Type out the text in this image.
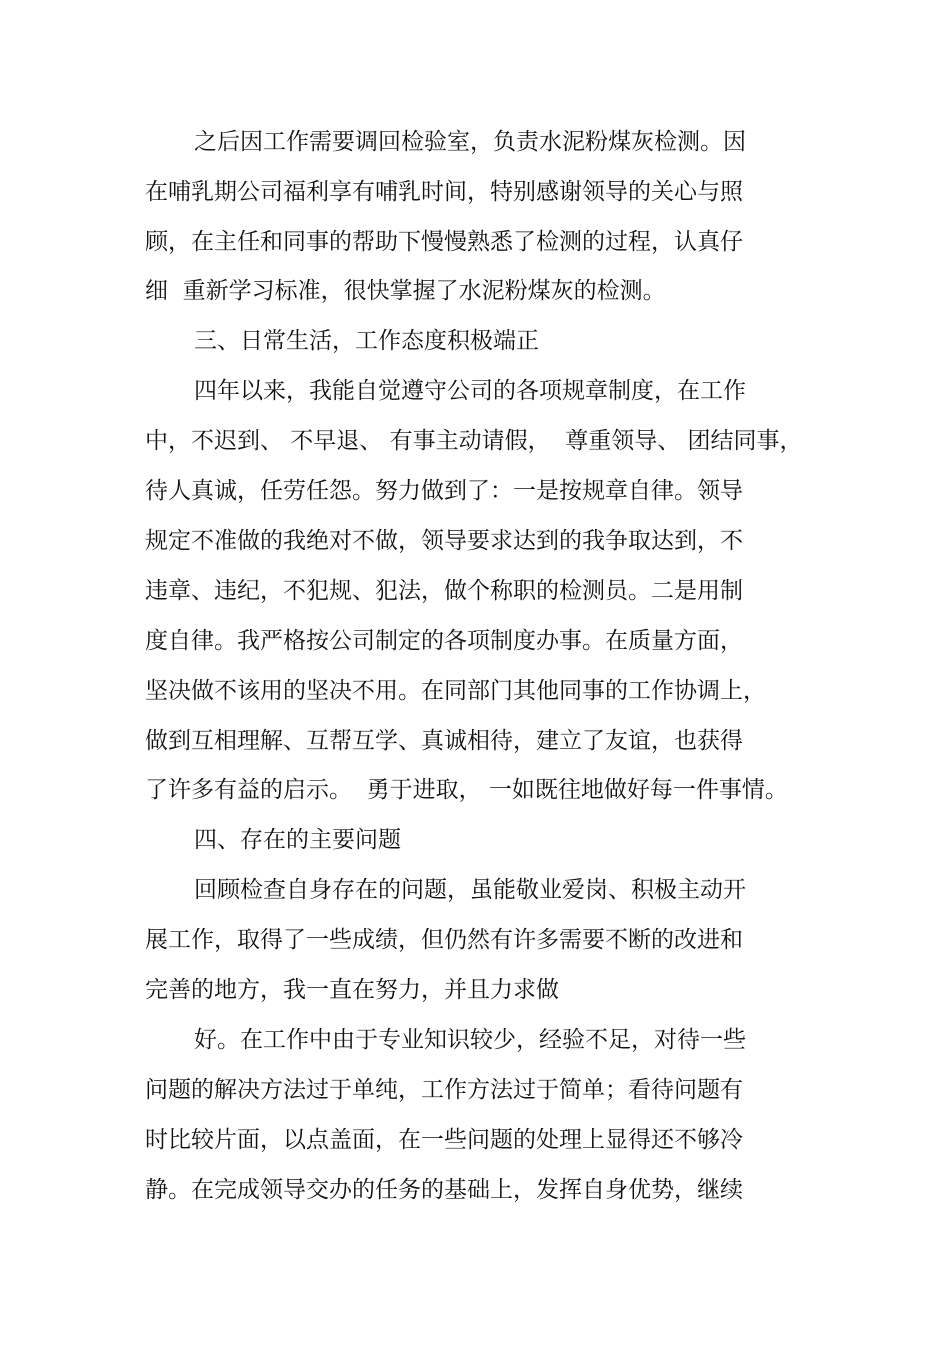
之后因工作需要调回检验室，负责水泥粉煤灰检测。因

在哺乳期公司福利享有哺乳时间，特别感谢领导的关心与照

顾，在主任和同事的帮助下慢慢熟悉了检测的过程，认真仔

细  重新学习标准，很快掌握了水泥粉煤灰的检测。

三、日常生活，工作态度积极端正

四年以来，我能自觉遵守公司的各项规章制度，在工作

中，不迟到、 不早退、 有事主动请假，  尊重领导、 团结同事，

待人真诚，任劳任怨。努力做到了：一是按规章自律。领导

规定不准做的我绝对不做，领导要求达到的我争取达到，不

违章、违纪，不犯规、犯法，做个称职的检测员。二是用制

度自律。我严格按公司制定的各项制度办事。在质量方面，

坚决做不该用的坚决不用。在同部门其他同事的工作协调上，

做到互相理解、互帮互学、真诚相待，建立了友谊，也获得

了许多有益的启示。  勇于进取， 一如既往地做好每一件事情。

四、存在的主要问题

回顾检查自身存在的问题，虽能敬业爱岗、积极主动开

展工作，取得了一些成绩，但仍然有许多需要不断的改进和

完善的地方，我一直在努力，并且力求做

好。在工作中由于专业知识较少，经验不足，对待一些

问题的解决方法过于单纯，工作方法过于简单；看待问题有

时比较片面，以点盖面，在一些问题的处理上显得还不够冷

静。在完成领导交办的任务的基础上，发挥自身优势，继续
